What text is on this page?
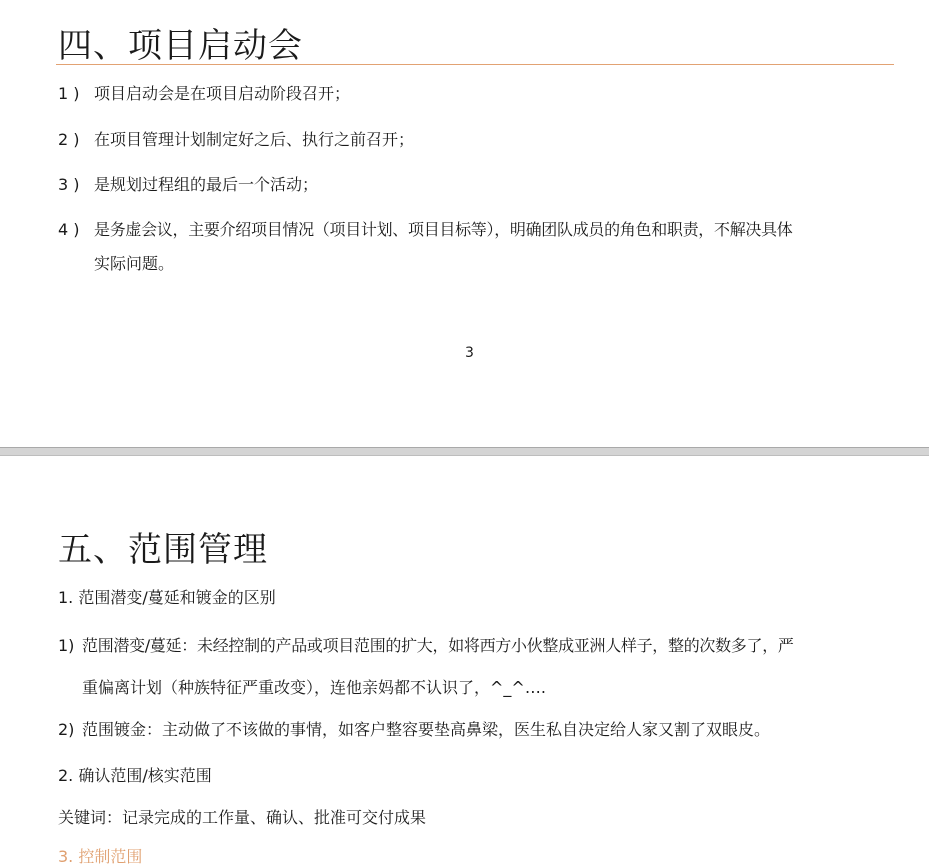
四、项目启动会
1 ) 项目启动会是在项目启动阶段召开；
2 ) 在项目管理计划制定好之后、执行之前召开；
3 ) 是规划过程组的最后一个活动；
4 ) 是务虚会议，主要介绍项目情况（项目计划、项目目标等），明确团队成员的角色和职责，不解决具体
实际问题。
3
五、范围管理
1. 范围潜变/蔓延和镀金的区别
1) 范围潜变/蔓延：未经控制的产品或项目范围的扩大，如将西方小伙整成亚洲人样子，整的次数多了，严
重偏离计划（种族特征严重改变），连他亲妈都不认识了，^_^….
2) 范围镀金：主动做了不该做的事情，如客户整容要垫高鼻梁，医生私自决定给人家又割了双眼皮。
2. 确认范围/核实范围
关键词：记录完成的工作量、确认、批准可交付成果
3. 控制范围
